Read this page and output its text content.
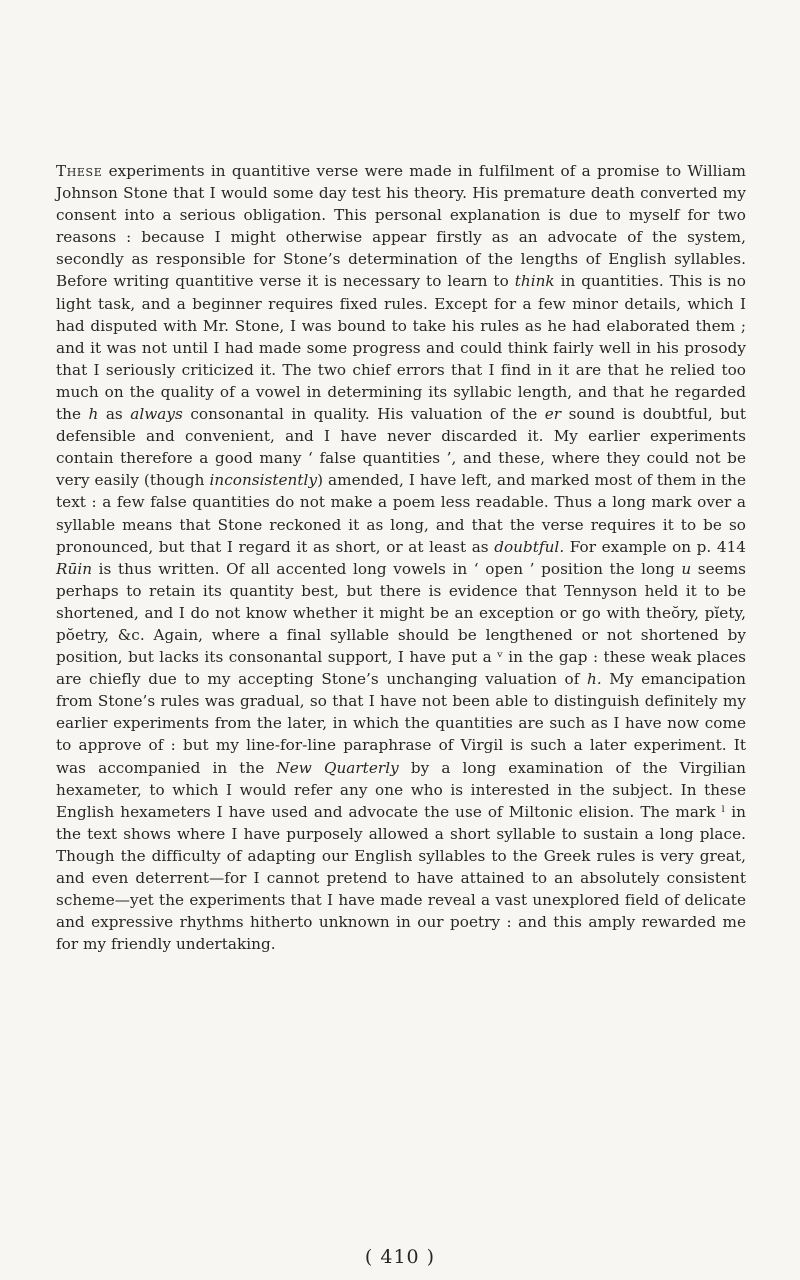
These experiments in quantitive verse were made in fulfilment of a promise to William Johnson Stone that I would some day test his theory. His premature death converted my consent into a serious obligation. This personal explanation is due to myself for two reasons : because I might otherwise appear firstly as an advocate of the system, secondly as responsible for Stone’s determination of the lengths of English syllables. Before writing quantitive verse it is necessary to learn to think in quantities. This is no light task, and a beginner requires fixed rules. Except for a few minor details, which I had disputed with Mr. Stone, I was bound to take his rules as he had elaborated them ; and it was not until I had made some progress and could think fairly well in his prosody that I seriously criticized it. The two chief errors that I find in it are that he relied too much on the quality of a vowel in determining its syllabic length, and that he regarded the h as always consonantal in quality. His valuation of the er sound is doubtful, but defensible and convenient, and I have never discarded it. My earlier experiments contain therefore a good many ‘ false quantities ’, and these, where they could not be very easily (though inconsistently) amended, I have left, and marked most of them in the text : a few false quantities do not make a poem less readable. Thus a long mark over a syllable means that Stone reckoned it as long, and that the verse requires it to be so pronounced, but that I regard it as short, or at least as doubtful. For example on p. 414 Rūin is thus written. Of all accented long vowels in ‘ open ’ position the long u seems perhaps to retain its quantity best, but there is evidence that Tennyson held it to be shortened, and I do not know whether it might be an exception or go with theŏry, pĭety, pŏetry, &c. Again, where a final syllable should be lengthened or not shortened by position, but lacks its consonantal support, I have put a ᵛ in the gap : these weak places are chiefly due to my accepting Stone’s unchanging valuation of h. My emancipation from Stone’s rules was gradual, so that I have not been able to distinguish definitely my earlier experiments from the later, in which the quantities are such as I have now come to approve of : but my line-for-line paraphrase of Virgil is such a later experiment. It was accompanied in the New Quarterly by a long examination of the Virgilian hexameter, to which I would refer any one who is interested in the subject. In these English hexameters I have used and advocate the use of Miltonic elision. The mark ˡ in the text shows where I have purposely allowed a short syllable to sustain a long place. Though the difficulty of adapting our English syllables to the Greek rules is very great, and even deterrent—for I cannot pretend to have attained to an absolutely consistent scheme—yet the experiments that I have made reveal a vast unexplored field of delicate and expressive rhythms hitherto unknown in our poetry : and this amply rewarded me for my friendly undertaking.

( 410 )
